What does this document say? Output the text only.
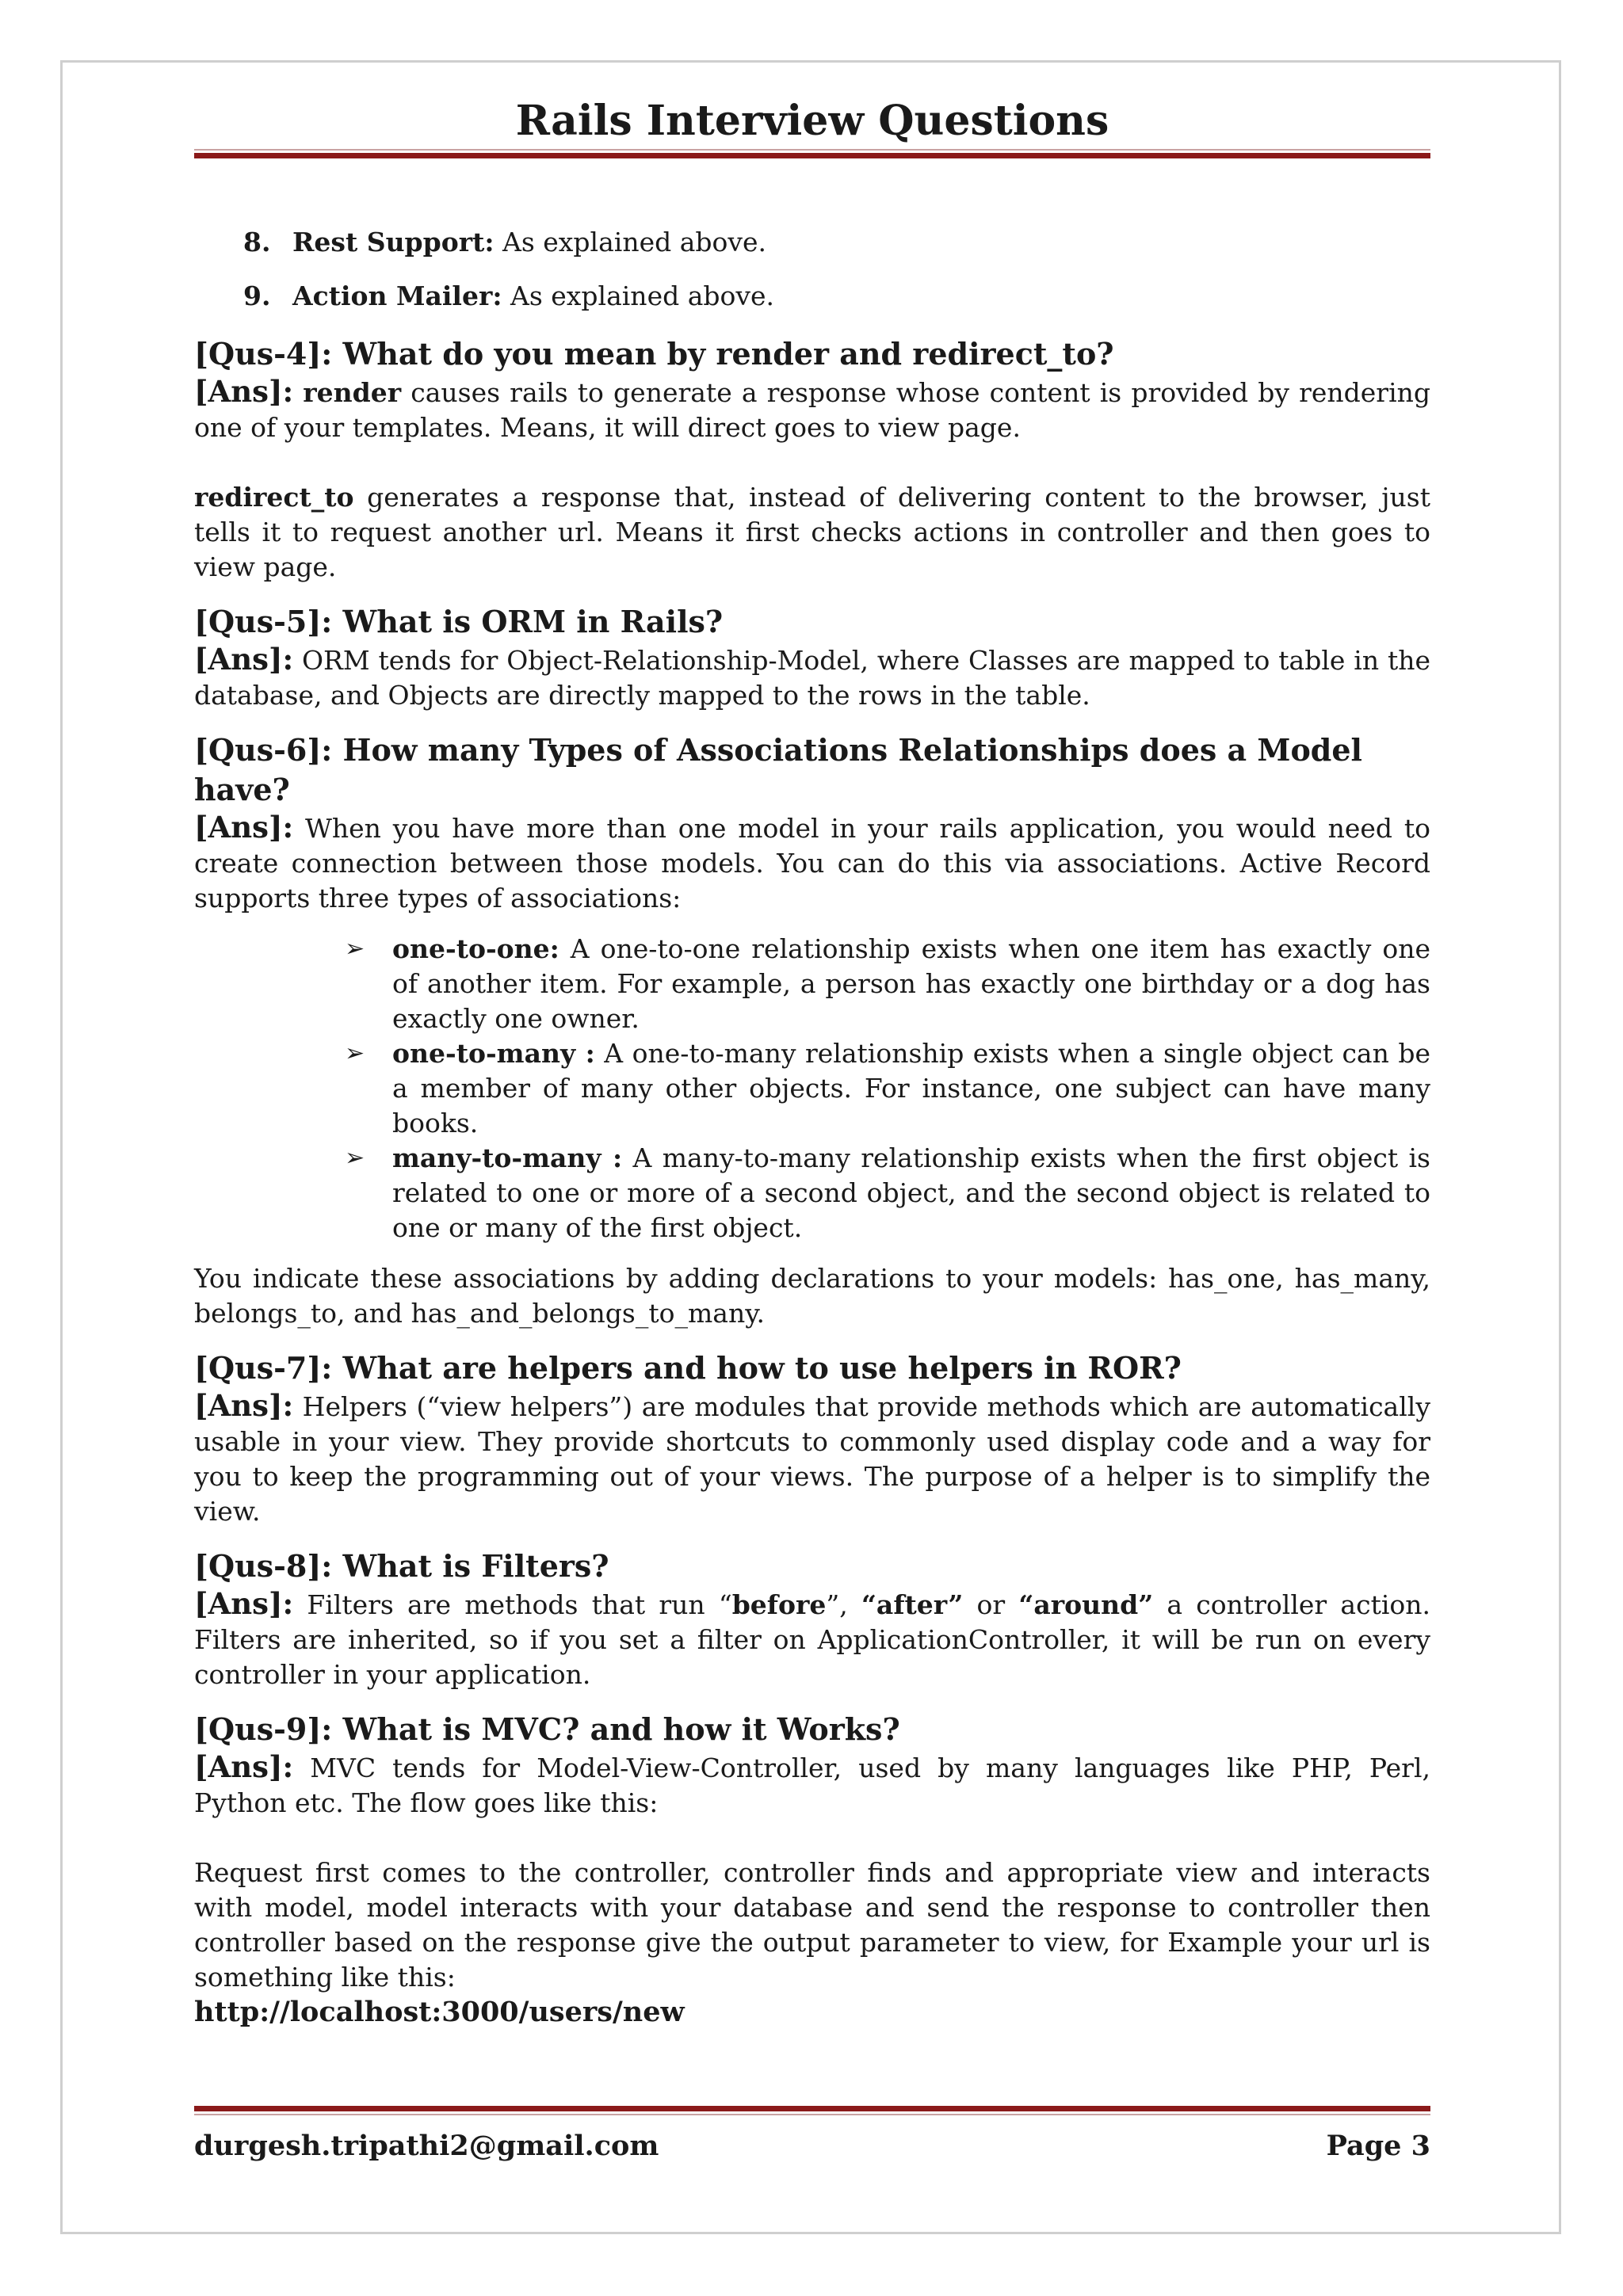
Rails Interview Questions
8. Rest Support: As explained above.
9. Action Mailer: As explained above.
[Qus-4]: What do you mean by render and redirect_to?

[Ans]: render causes rails to generate a response whose content is provided by rendering one of your templates. Means, it will direct goes to view page.

redirect_to generates a response that, instead of delivering content to the browser, just tells it to request another url. Means it first checks actions in controller and then goes to view page.

[Qus-5]: What is ORM in Rails?

[Ans]: ORM tends for Object-Relationship-Model, where Classes are mapped to table in the database, and Objects are directly mapped to the rows in the table.

[Qus-6]: How many Types of Associations Relationships does a Model have?

[Ans]: When you have more than one model in your rails application, you would need to create connection between those models. You can do this via associations. Active Record supports three types of associations:

➢ one-to-one: A one-to-one relationship exists when one item has exactly one of another item. For example, a person has exactly one birthday or a dog has exactly one owner.
➢ one-to-many : A one-to-many relationship exists when a single object can be a member of many other objects. For instance, one subject can have many books.
➢ many-to-many : A many-to-many relationship exists when the first object is related to one or more of a second object, and the second object is related to one or many of the first object.

You indicate these associations by adding declarations to your models: has_one, has_many, belongs_to, and has_and_belongs_to_many.

[Qus-7]: What are helpers and how to use helpers in ROR?

[Ans]: Helpers (“view helpers”) are modules that provide methods which are automatically usable in your view. They provide shortcuts to commonly used display code and a way for you to keep the programming out of your views. The purpose of a helper is to simplify the view.

[Qus-8]: What is Filters?

[Ans]: Filters are methods that run “before”, “after” or “around” a controller action. Filters are inherited, so if you set a filter on ApplicationController, it will be run on every controller in your application.

[Qus-9]: What is MVC? and how it Works?

[Ans]: MVC tends for Model-View-Controller, used by many languages like PHP, Perl, Python etc. The flow goes like this:

Request first comes to the controller, controller finds and appropriate view and interacts with model, model interacts with your database and send the response to controller then controller based on the response give the output parameter to view, for Example your url is something like this:

http://localhost:3000/users/new
durgesh.tripathi2@gmail.com	Page 3
